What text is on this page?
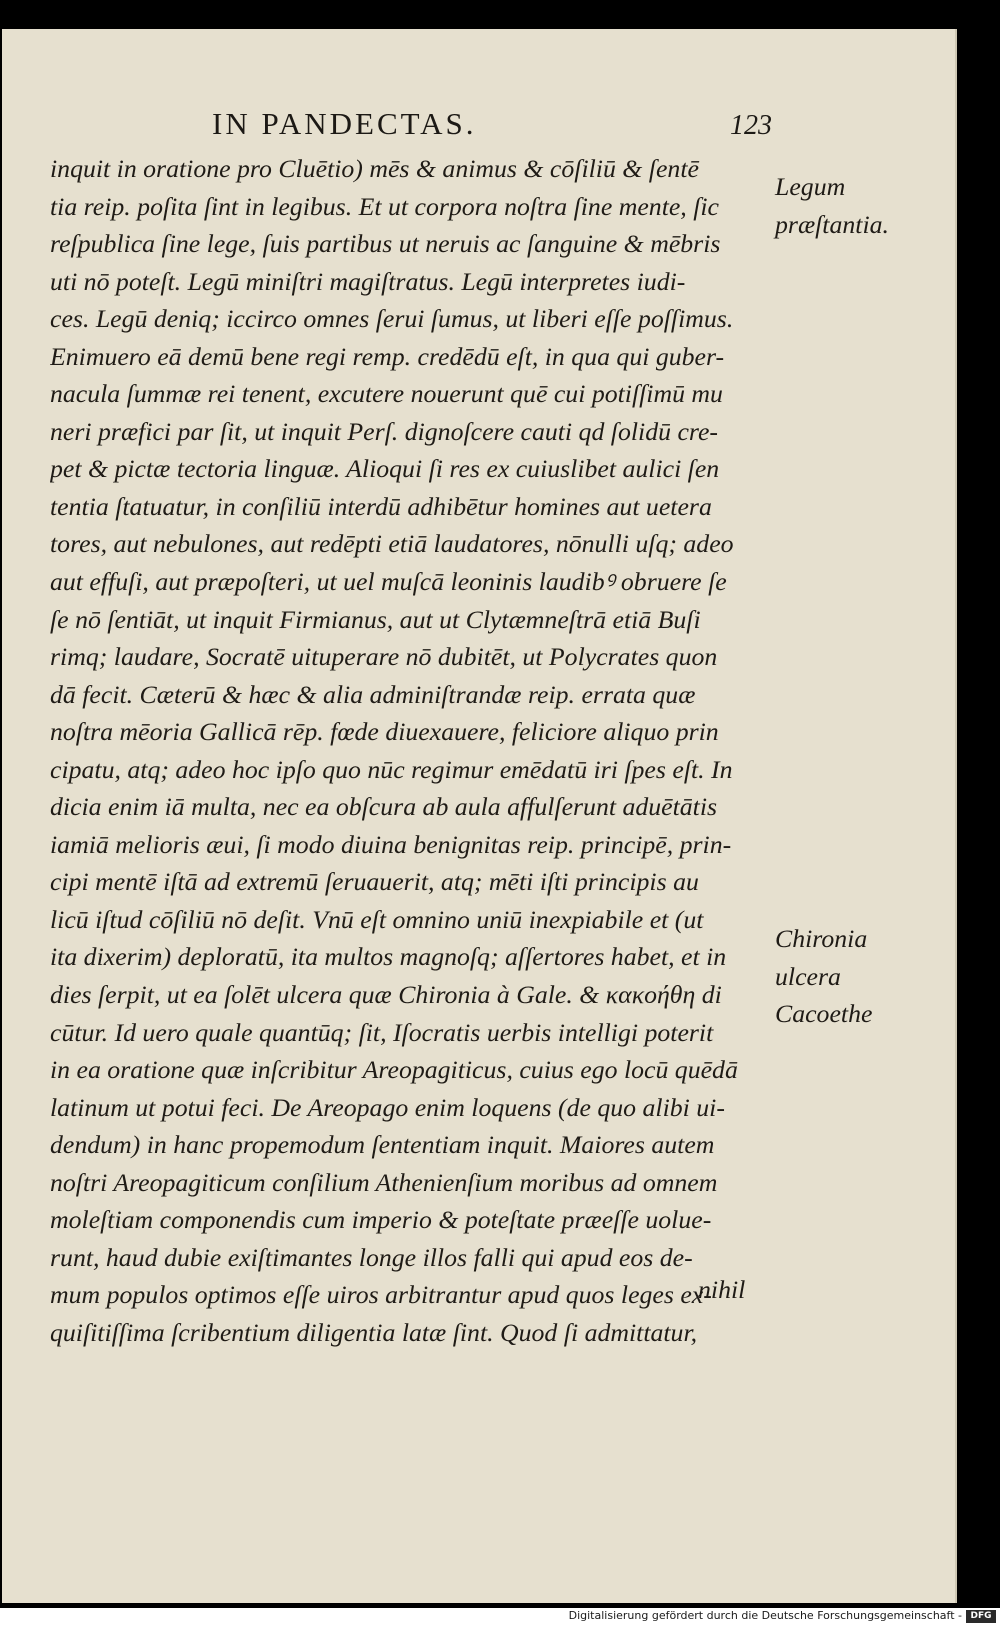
IN PANDECTAS.	123
inquit in oratione pro Cluētio) mēs & animus & cōſiliū & ſentē
tia reip. poſita ſint in legibus. Et ut corpora noſtra ſine mente, ſic
reſpublica ſine lege, ſuis partibus ut neruis ac ſanguine & mēbris
uti nō poteſt. Legū miniſtri magiſtratus. Legū interpretes iudi-
ces. Legū deniq; iccirco omnes ſerui ſumus, ut liberi eſſe poſſimus.
Enimuero eā demū bene regi remp. credēdū eſt, in qua qui guber-
nacula ſummæ rei tenent, excutere nouerunt quē cui potiſſimū mu
neri præfici par ſit, ut inquit Perſ. dignoſcere cauti qd ſolidū cre-
pet & pictæ tectoria linguæ. Alioqui ſi res ex cuiuslibet aulici ſen
tentia ſtatuatur, in conſiliū interdū adhibētur homines aut uetera
tores, aut nebulones, aut redēpti etiā laudatores, nōnulli uſq; adeo
aut effuſi, aut præpoſteri, ut uel muſcā leoninis laudibꝰ obruere ſe
ſe nō ſentiāt, ut inquit Firmianus, aut ut Clytæmneſtrā etiā Buſi
rimq; laudare, Socratē uituperare nō dubitēt, ut Polycrates quon
dā fecit. Cæterū & hæc & alia adminiſtrandæ reip. errata quæ
noſtra mēoria Gallicā rēp. fœde diuexauere, feliciore aliquo prin
cipatu, atq; adeo hoc ipſo quo nūc regimur emēdatū iri ſpes eſt. In
dicia enim iā multa, nec ea obſcura ab aula affulſerunt aduētātis
iamiā melioris æui, ſi modo diuina benignitas reip. principē, prin-
cipi mentē iſtā ad extremū ſeruauerit, atq; mēti iſti principis au
licū iſtud cōſiliū nō deſit. Vnū eſt omnino uniū inexpiabile et (ut
ita dixerim) deploratū, ita multos magnoſq; aſſertores habet, et in
dies ſerpit, ut ea ſolēt ulcera quæ Chironia à Gale. & κακοήθη di
cūtur. Id uero quale quantūq; ſit, Iſocratis uerbis intelligi poterit
in ea oratione quæ inſcribitur Areopagiticus, cuius ego locū quēdā
latinum ut potui feci. De Areopago enim loquens (de quo alibi ui-
dendum) in hanc propemodum ſententiam inquit. Maiores autem
noſtri Areopagiticum conſilium Athenienſium moribus ad omnem
moleſtiam componendis cum imperio & poteſtate præeſſe uolue-
runt, haud dubie exiſtimantes longe illos falli qui apud eos de-
mum populos optimos eſſe uiros arbitrantur apud quos leges ex-
quiſitiſſima ſcribentium diligentia latæ ſint. Quod ſi admittatur,
Legum
præſtantia.
Chironia
ulcera
Cacoethe
nihil
Digitalisierung gefördert durch die Deutsche Forschungsgemeinschaft - DFG
